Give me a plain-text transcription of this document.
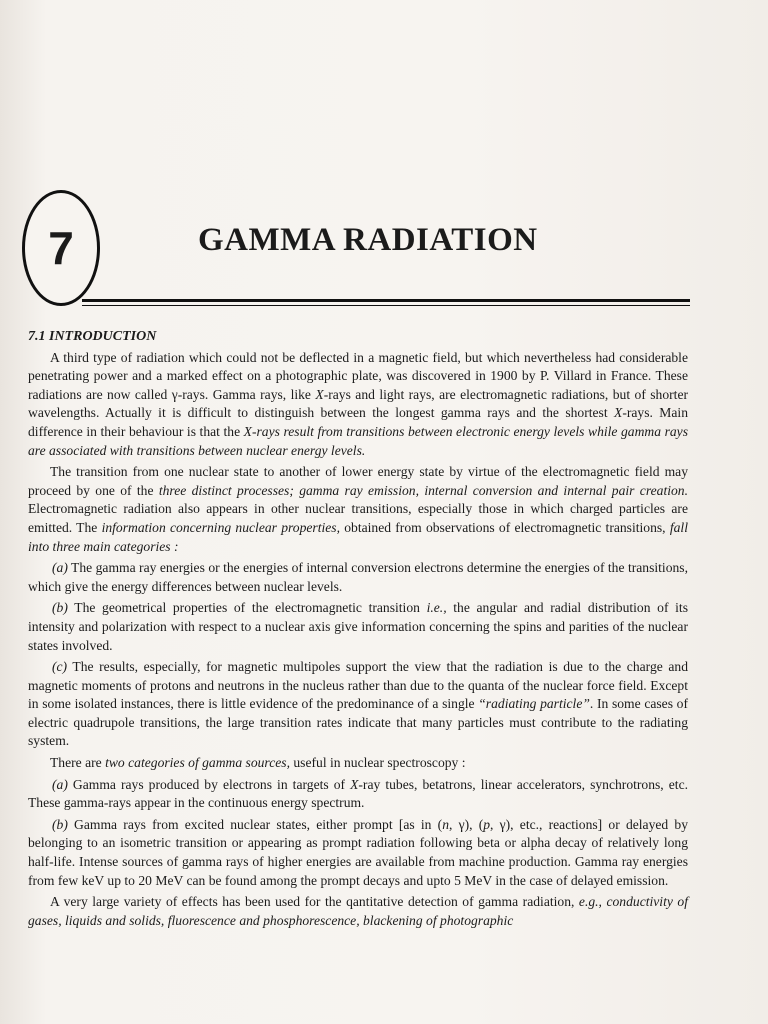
7	GAMMA RADIATION
7.1 INTRODUCTION

A third type of radiation which could not be deflected in a magnetic field, but which nevertheless had considerable penetrating power and a marked effect on a photographic plate, was discovered in 1900 by P. Villard in France. These radiations are now called γ-rays. Gamma rays, like X-rays and light rays, are electromagnetic radiations, but of shorter wavelengths. Actually it is difficult to distinguish between the longest gamma rays and the shortest X-rays. Main difference in their behaviour is that the X-rays result from transitions between electronic energy levels while gamma rays are associated with transitions between nuclear energy levels.

The transition from one nuclear state to another of lower energy state by virtue of the electromagnetic field may proceed by one of the three distinct processes; gamma ray emission, internal conversion and internal pair creation. Electromagnetic radiation also appears in other nuclear transitions, especially those in which charged particles are emitted. The information concerning nuclear properties, obtained from observations of electromagnetic transitions, fall into three main categories :

(a) The gamma ray energies or the energies of internal conversion electrons determine the energies of the transitions, which give the energy differences between nuclear levels.

(b) The geometrical properties of the electromagnetic transition i.e., the angular and radial distribution of its intensity and polarization with respect to a nuclear axis give information concerning the spins and parities of the nuclear states involved.

(c) The results, especially, for magnetic multipoles support the view that the radiation is due to the charge and magnetic moments of protons and neutrons in the nucleus rather than due to the quanta of the nuclear force field. Except in some isolated instances, there is little evidence of the predominance of a single “radiating particle”. In some cases of electric quadrupole transitions, the large transition rates indicate that many particles must contribute to the radiating system.

There are two categories of gamma sources, useful in nuclear spectroscopy :

(a) Gamma rays produced by electrons in targets of X-ray tubes, betatrons, linear accelerators, synchrotrons, etc. These gamma-rays appear in the continuous energy spectrum.

(b) Gamma rays from excited nuclear states, either prompt [as in (n, γ), (p, γ), etc., reactions] or delayed by belonging to an isometric transition or appearing as prompt radiation following beta or alpha decay of relatively long half-life. Intense sources of gamma rays of higher energies are available from machine production. Gamma ray energies from few keV up to 20 MeV can be found among the prompt decays and upto 5 MeV in the case of delayed emission.

A very large variety of effects has been used for the qantitative detection of gamma radiation, e.g., conductivity of gases, liquids and solids, fluorescence and phosphorescence, blackening of photographic
